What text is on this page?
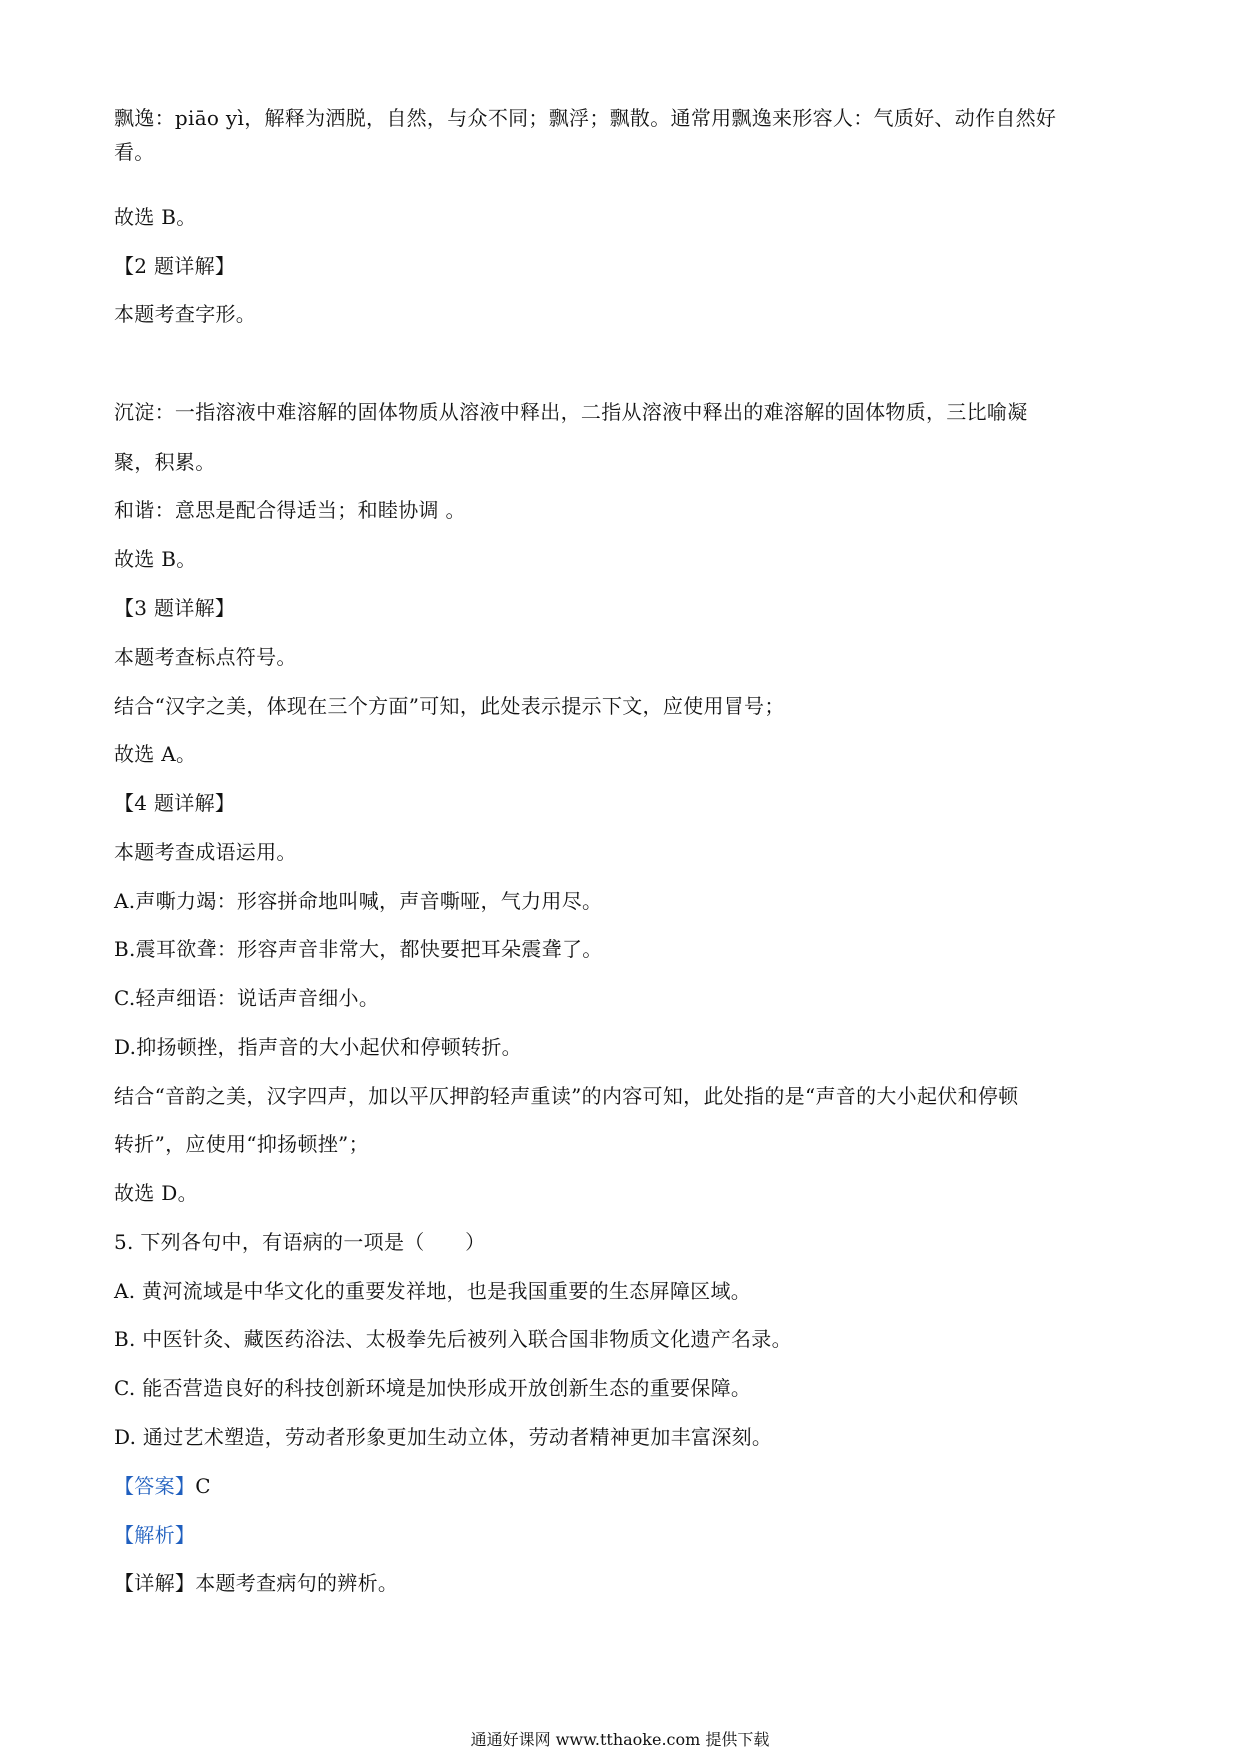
飘逸：piāo yì，解释为洒脱，自然，与众不同；飘浮；飘散。通常用飘逸来形容人：气质好、动作自然好
看。
故选 B。
【2 题详解】
本题考查字形。
沉淀：一指溶液中难溶解的固体物质从溶液中释出，二指从溶液中释出的难溶解的固体物质，三比喻凝
聚，积累。
和谐：意思是配合得适当；和睦协调 。
故选 B。
【3 题详解】
本题考查标点符号。
结合“汉字之美，体现在三个方面”可知，此处表示提示下文，应使用冒号；
故选 A。
【4 题详解】
本题考查成语运用。
A.声嘶力竭：形容拼命地叫喊，声音嘶哑，气力用尽。
B.震耳欲聋：形容声音非常大，都快要把耳朵震聋了。
C.轻声细语：说话声音细小。
D.抑扬顿挫，指声音的大小起伏和停顿转折。
结合“音韵之美，汉字四声，加以平仄押韵轻声重读”的内容可知，此处指的是“声音的大小起伏和停顿
转折”，应使用“抑扬顿挫”；
故选 D。
5. 下列各句中，有语病的一项是（　　）
A. 黄河流域是中华文化的重要发祥地，也是我国重要的生态屏障区域。
B. 中医针灸、藏医药浴法、太极拳先后被列入联合国非物质文化遗产名录。
C. 能否营造良好的科技创新环境是加快形成开放创新生态的重要保障。
D. 通过艺术塑造，劳动者形象更加生动立体，劳动者精神更加丰富深刻。
【答案】C
【解析】
【详解】本题考查病句的辨析。
通通好课网 www.tthaoke.com 提供下载
